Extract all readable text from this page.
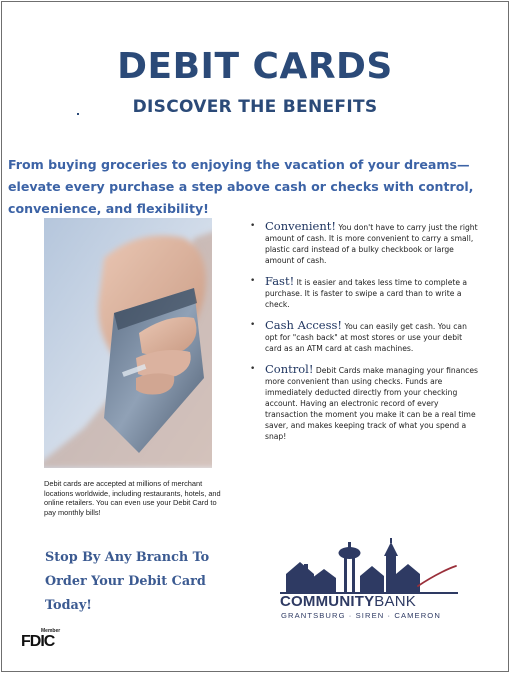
DEBIT CARDS
DISCOVER THE BENEFITS
From buying groceries to enjoying the vacation of your dreams—elevate every purchase a step above cash or checks with control, convenience, and flexibility!
Debit cards are accepted at millions of merchant locations worldwide, including restaurants, hotels, and online retailers. You can even use your Debit Card to pay monthly bills!
• Convenient! You don't have to carry just the right amount of cash. It is more convenient to carry a small, plastic card instead of a bulky checkbook or large amount of cash.
• Fast! It is easier and takes less time to complete a purchase. It is faster to swipe a card than to write a check.
• Cash Access! You can easily get cash. You can opt for "cash back" at most stores or use your debit card as an ATM card at cash machines.
• Control! Debit Cards make managing your finances more convenient than using checks. Funds are immediately deducted directly from your checking account. Having an electronic record of every transaction the moment you make it can be a real time saver, and makes keeping track of what you spend a snap!
Stop By Any Branch To
Order Your Debit Card
Today!
Member
FDIC
COMMUNITYBANK
GRANTSBURG · SIREN · CAMERON
